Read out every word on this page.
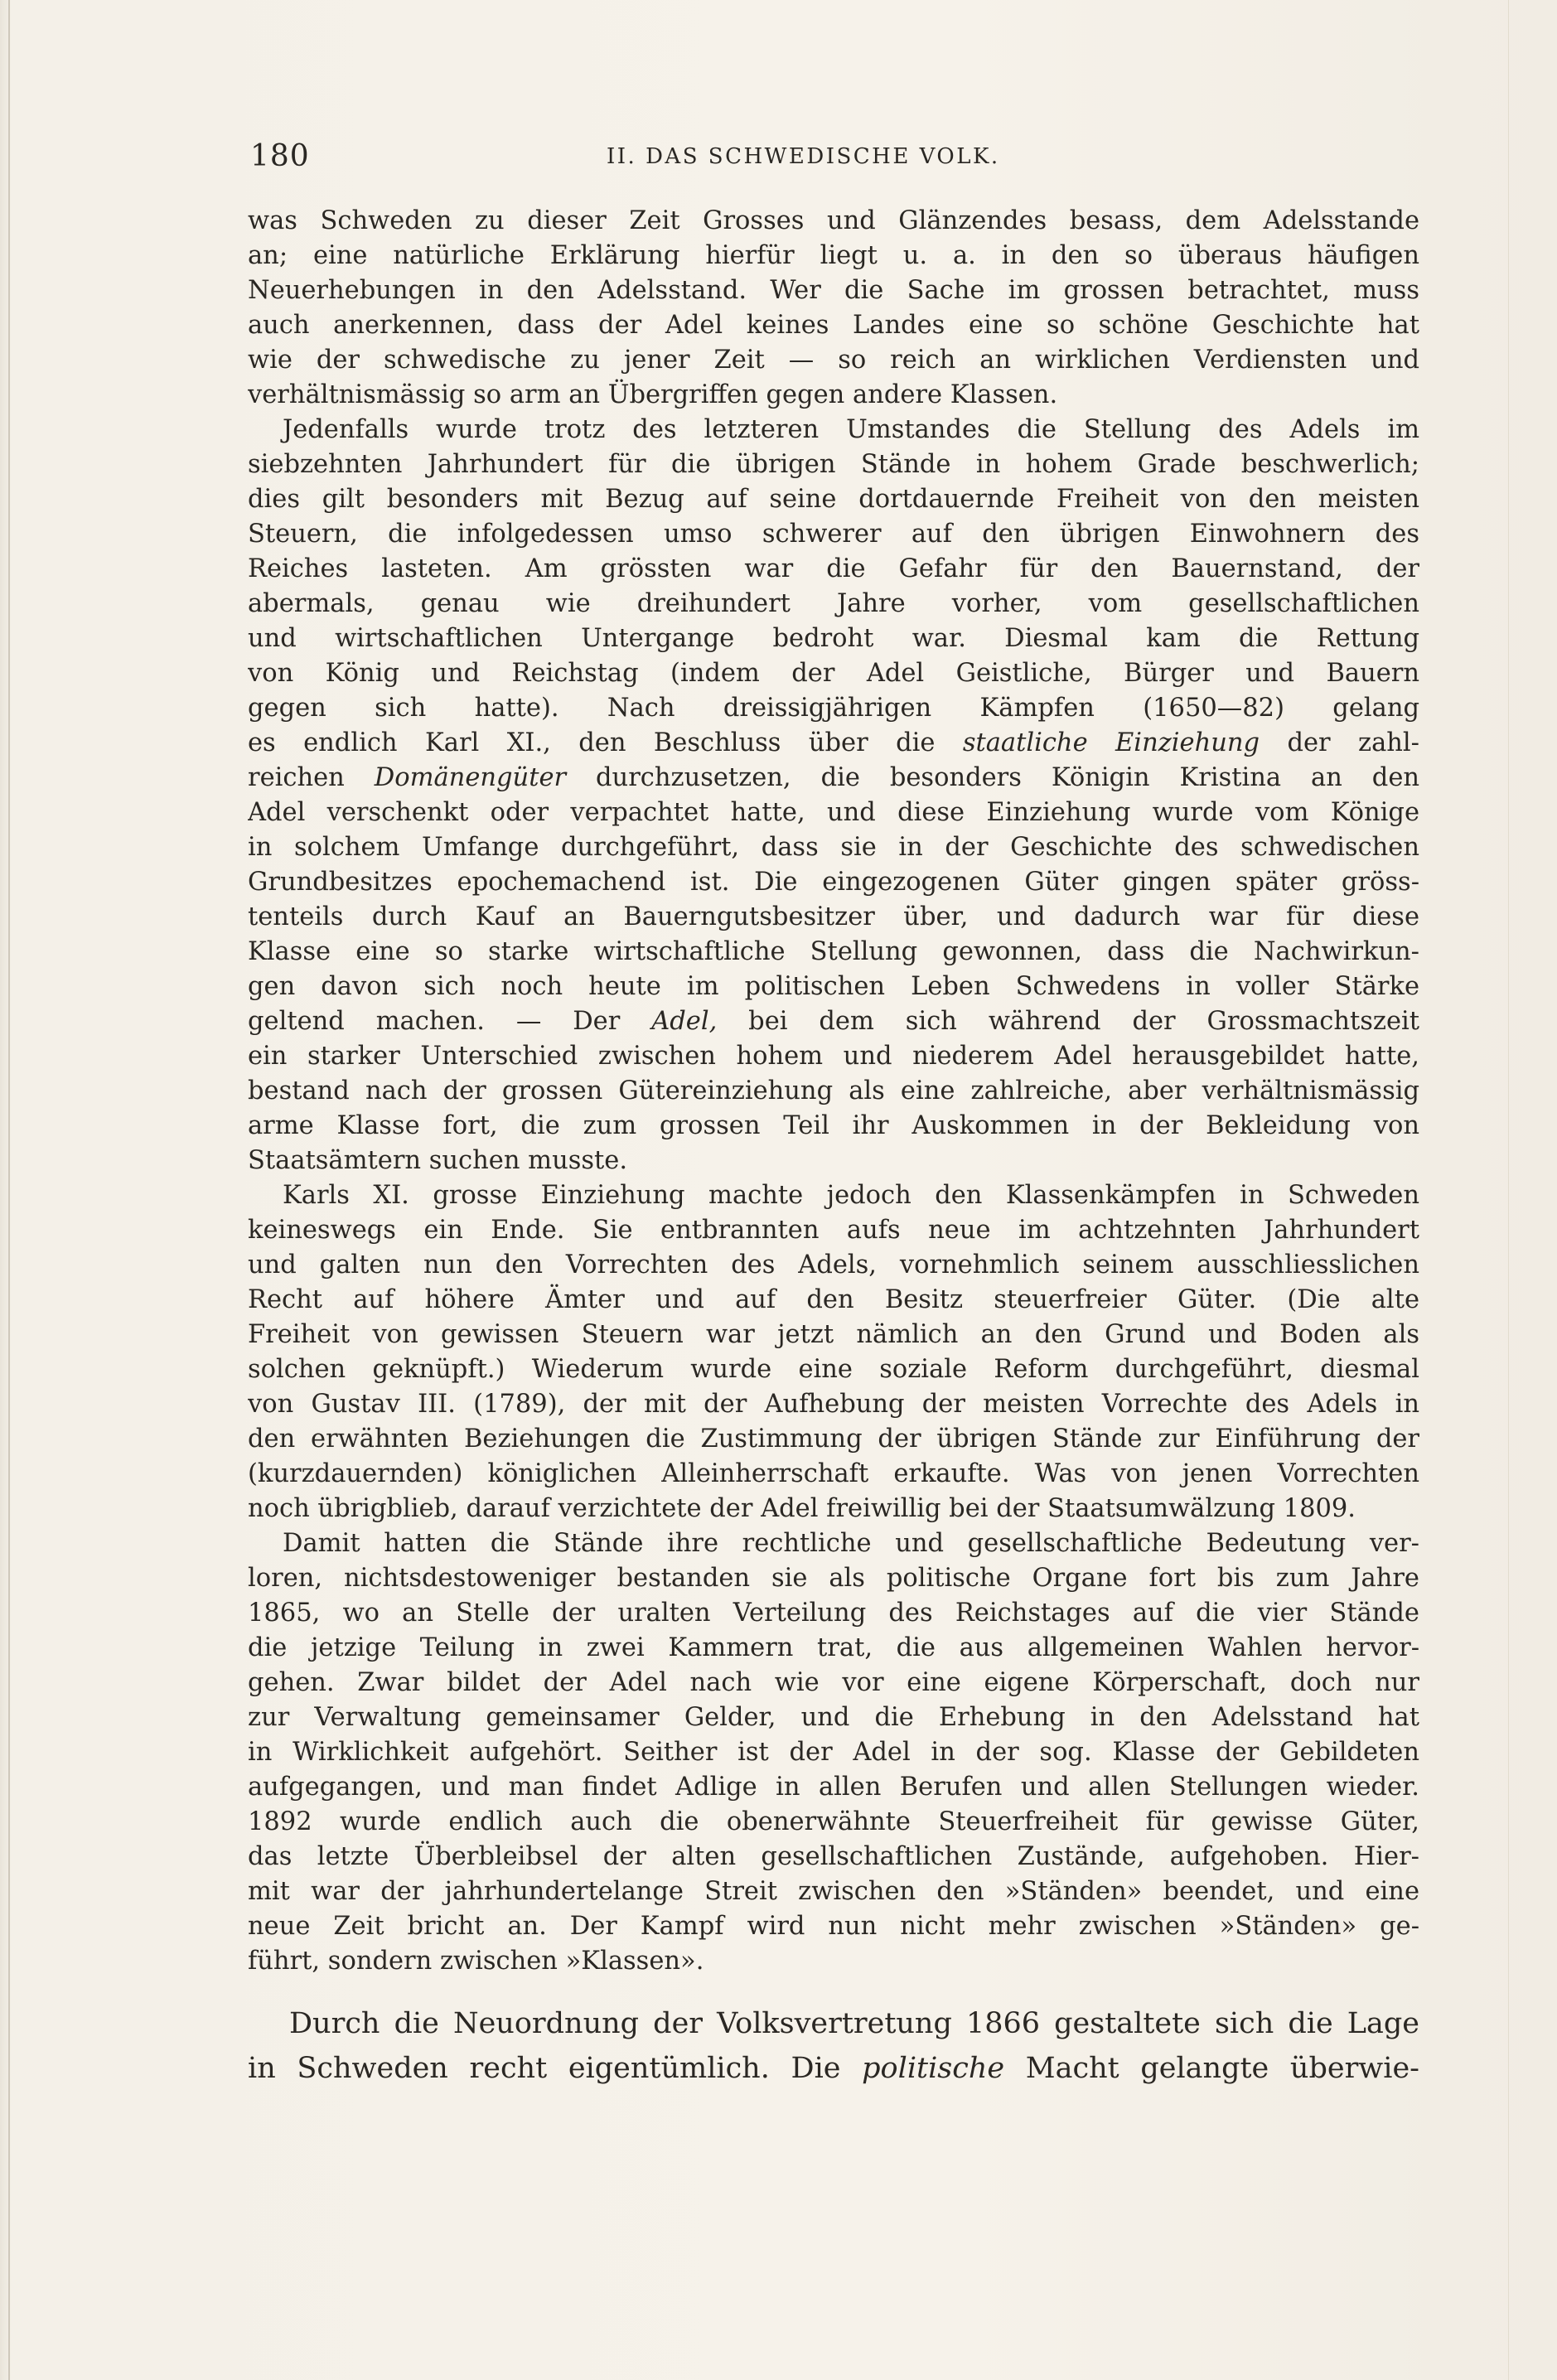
180	II. DAS SCHWEDISCHE VOLK.
was Schweden zu dieser Zeit Grosses und Glänzendes besass, dem Adelsstande
an; eine natürliche Erklärung hierfür liegt u. a. in den so überaus häufigen
Neuerhebungen in den Adelsstand. Wer die Sache im grossen betrachtet, muss
auch anerkennen, dass der Adel keines Landes eine so schöne Geschichte hat
wie der schwedische zu jener Zeit — so reich an wirklichen Verdiensten und
verhältnismässig so arm an Übergriffen gegen andere Klassen.
Jedenfalls wurde trotz des letzteren Umstandes die Stellung des Adels im
siebzehnten Jahrhundert für die übrigen Stände in hohem Grade beschwerlich;
dies gilt besonders mit Bezug auf seine dortdauernde Freiheit von den meisten
Steuern, die infolgedessen umso schwerer auf den übrigen Einwohnern des
Reiches lasteten. Am grössten war die Gefahr für den Bauernstand, der
abermals, genau wie dreihundert Jahre vorher, vom gesellschaftlichen
und wirtschaftlichen Untergange bedroht war. Diesmal kam die Rettung
von König und Reichstag (indem der Adel Geistliche, Bürger und Bauern
gegen sich hatte). Nach dreissigjährigen Kämpfen (1650—82) gelang
es endlich Karl XI., den Beschluss über die staatliche Einziehung der zahl-
reichen Domänengüter durchzusetzen, die besonders Königin Kristina an den
Adel verschenkt oder verpachtet hatte, und diese Einziehung wurde vom Könige
in solchem Umfange durchgeführt, dass sie in der Geschichte des schwedischen
Grundbesitzes epochemachend ist. Die eingezogenen Güter gingen später gröss-
tenteils durch Kauf an Bauerngutsbesitzer über, und dadurch war für diese
Klasse eine so starke wirtschaftliche Stellung gewonnen, dass die Nachwirkun-
gen davon sich noch heute im politischen Leben Schwedens in voller Stärke
geltend machen. — Der Adel, bei dem sich während der Grossmachtszeit
ein starker Unterschied zwischen hohem und niederem Adel herausgebildet hatte,
bestand nach der grossen Gütereinziehung als eine zahlreiche, aber verhältnismässig
arme Klasse fort, die zum grossen Teil ihr Auskommen in der Bekleidung von
Staatsämtern suchen musste.
Karls XI. grosse Einziehung machte jedoch den Klassenkämpfen in Schweden
keineswegs ein Ende. Sie entbrannten aufs neue im achtzehnten Jahrhundert
und galten nun den Vorrechten des Adels, vornehmlich seinem ausschliesslichen
Recht auf höhere Ämter und auf den Besitz steuerfreier Güter. (Die alte
Freiheit von gewissen Steuern war jetzt nämlich an den Grund und Boden als
solchen geknüpft.) Wiederum wurde eine soziale Reform durchgeführt, diesmal
von Gustav III. (1789), der mit der Aufhebung der meisten Vorrechte des Adels in
den erwähnten Beziehungen die Zustimmung der übrigen Stände zur Einführung der
(kurzdauernden) königlichen Alleinherrschaft erkaufte. Was von jenen Vorrechten
noch übrigblieb, darauf verzichtete der Adel freiwillig bei der Staatsumwälzung 1809.
Damit hatten die Stände ihre rechtliche und gesellschaftliche Bedeutung ver-
loren, nichtsdestoweniger bestanden sie als politische Organe fort bis zum Jahre
1865, wo an Stelle der uralten Verteilung des Reichstages auf die vier Stände
die jetzige Teilung in zwei Kammern trat, die aus allgemeinen Wahlen hervor-
gehen. Zwar bildet der Adel nach wie vor eine eigene Körperschaft, doch nur
zur Verwaltung gemeinsamer Gelder, und die Erhebung in den Adelsstand hat
in Wirklichkeit aufgehört. Seither ist der Adel in der sog. Klasse der Gebildeten
aufgegangen, und man findet Adlige in allen Berufen und allen Stellungen wieder.
1892 wurde endlich auch die obenerwähnte Steuerfreiheit für gewisse Güter,
das letzte Überbleibsel der alten gesellschaftlichen Zustände, aufgehoben. Hier-
mit war der jahrhundertelange Streit zwischen den »Ständen» beendet, und eine
neue Zeit bricht an. Der Kampf wird nun nicht mehr zwischen »Ständen» ge-
führt, sondern zwischen »Klassen».
Durch die Neuordnung der Volksvertretung 1866 gestaltete sich die Lage
in Schweden recht eigentümlich. Die politische Macht gelangte überwie-
